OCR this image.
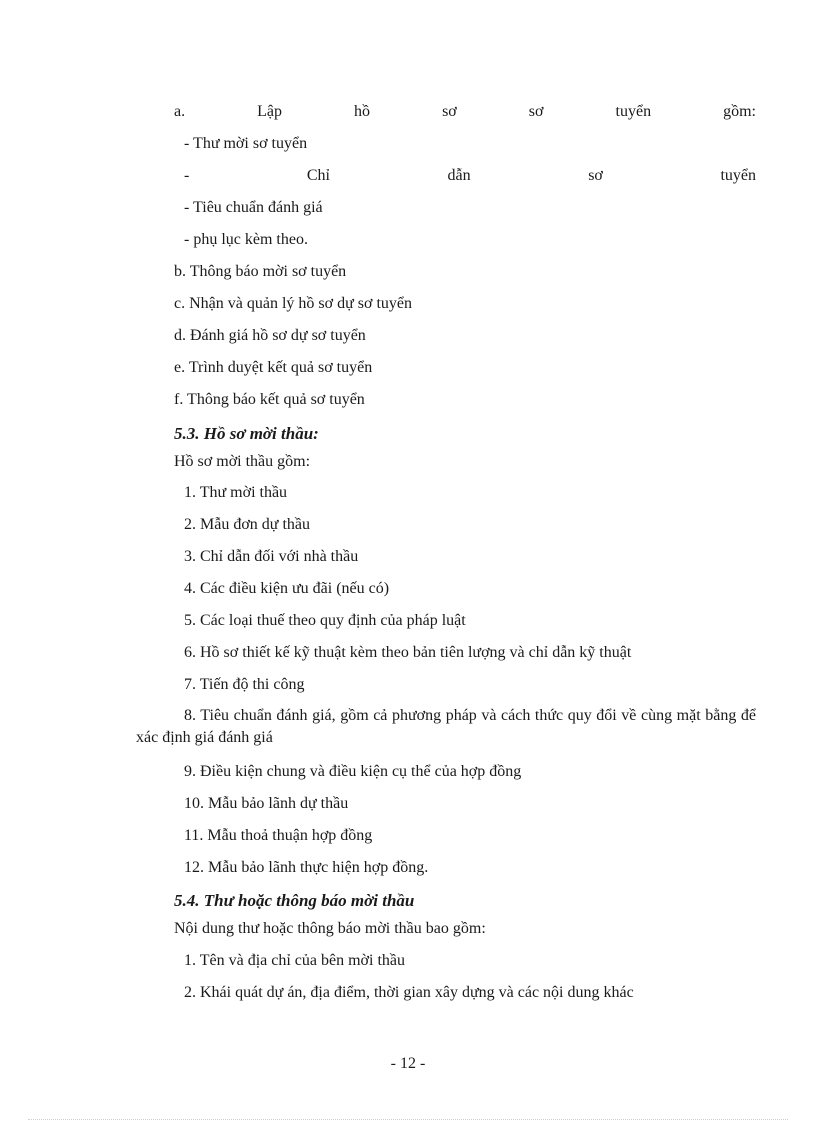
a.	Lập	hồ	sơ	sơ	tuyển	gồm:
- Thư mời sơ tuyển
-	Chỉ	dẫn	sơ	tuyển
- Tiêu chuẩn đánh giá
- phụ lục kèm theo.
b. Thông báo mời sơ tuyển
c. Nhận và quản lý hồ sơ dự sơ tuyển
d. Đánh giá hồ sơ dự sơ tuyển
e. Trình duyệt kết quả sơ tuyển
f. Thông báo kết quả sơ tuyển
5.3. Hồ sơ mời thầu:
Hồ sơ mời thầu gồm:
1. Thư mời thầu
2. Mẫu đơn dự thầu
3. Chỉ dẫn đối với nhà thầu
4. Các điều kiện ưu đãi (nếu có)
5. Các loại thuế theo quy định của pháp luật
6. Hồ sơ thiết kế kỹ thuật kèm theo bản tiên lượng và chỉ dẫn kỹ thuật
7. Tiến độ thi công
8. Tiêu chuẩn đánh giá, gồm cả phương pháp và cách thức quy đổi về cùng mặt bằng để xác định giá đánh giá
9. Điều kiện chung và điều kiện cụ thể của hợp đồng
10. Mẫu bảo lãnh dự thầu
11. Mẫu thoả thuận hợp đồng
12. Mẫu bảo lãnh thực hiện hợp đồng.
5.4. Thư hoặc thông báo mời thầu
Nội dung thư hoặc thông báo mời thầu bao gồm:
1. Tên và địa chỉ của bên mời thầu
2. Khái quát dự án, địa điểm, thời gian xây dựng và các nội dung khác
- 12 -
